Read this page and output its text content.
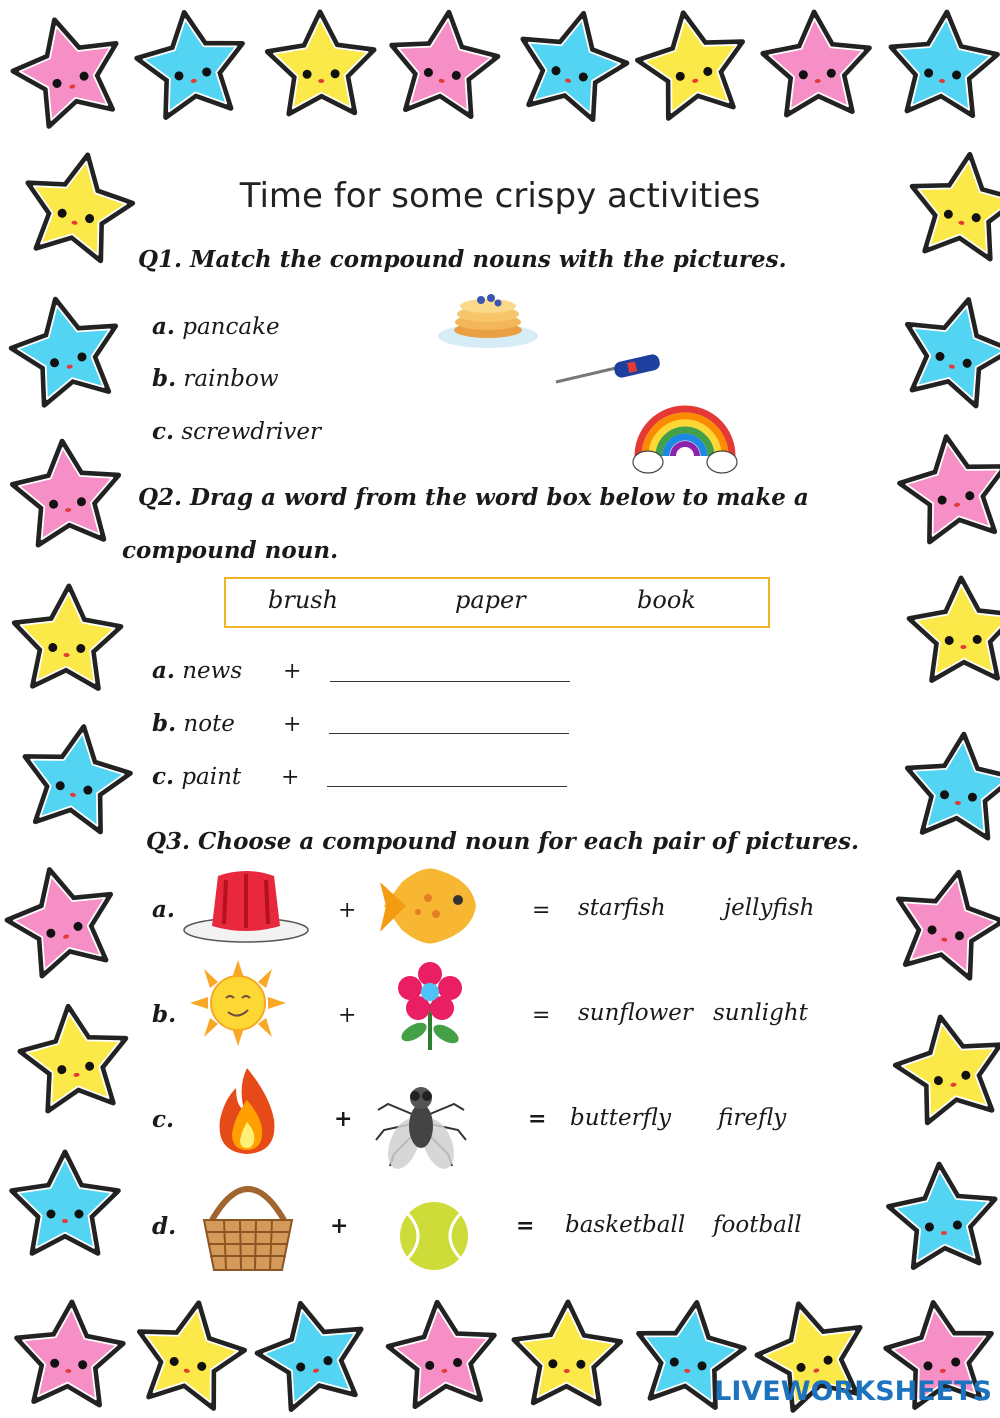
Time for some crispy activities
Q1. Match the compound nouns with the pictures.
a. pancake
b. rainbow
c. screwdriver
Q2. Drag a word from the word box below to make a
compound noun.
brush	paper	book
a. news +
b. note +
c. paint +
Q3. Choose a compound noun for each pair of pictures.
a.	+	= starfish	jellyfish
b.	+	= sunflower sunlight
c.	+	= butterfly firefly
d.	+	= basketball football
LIVEWORKSHEETS
